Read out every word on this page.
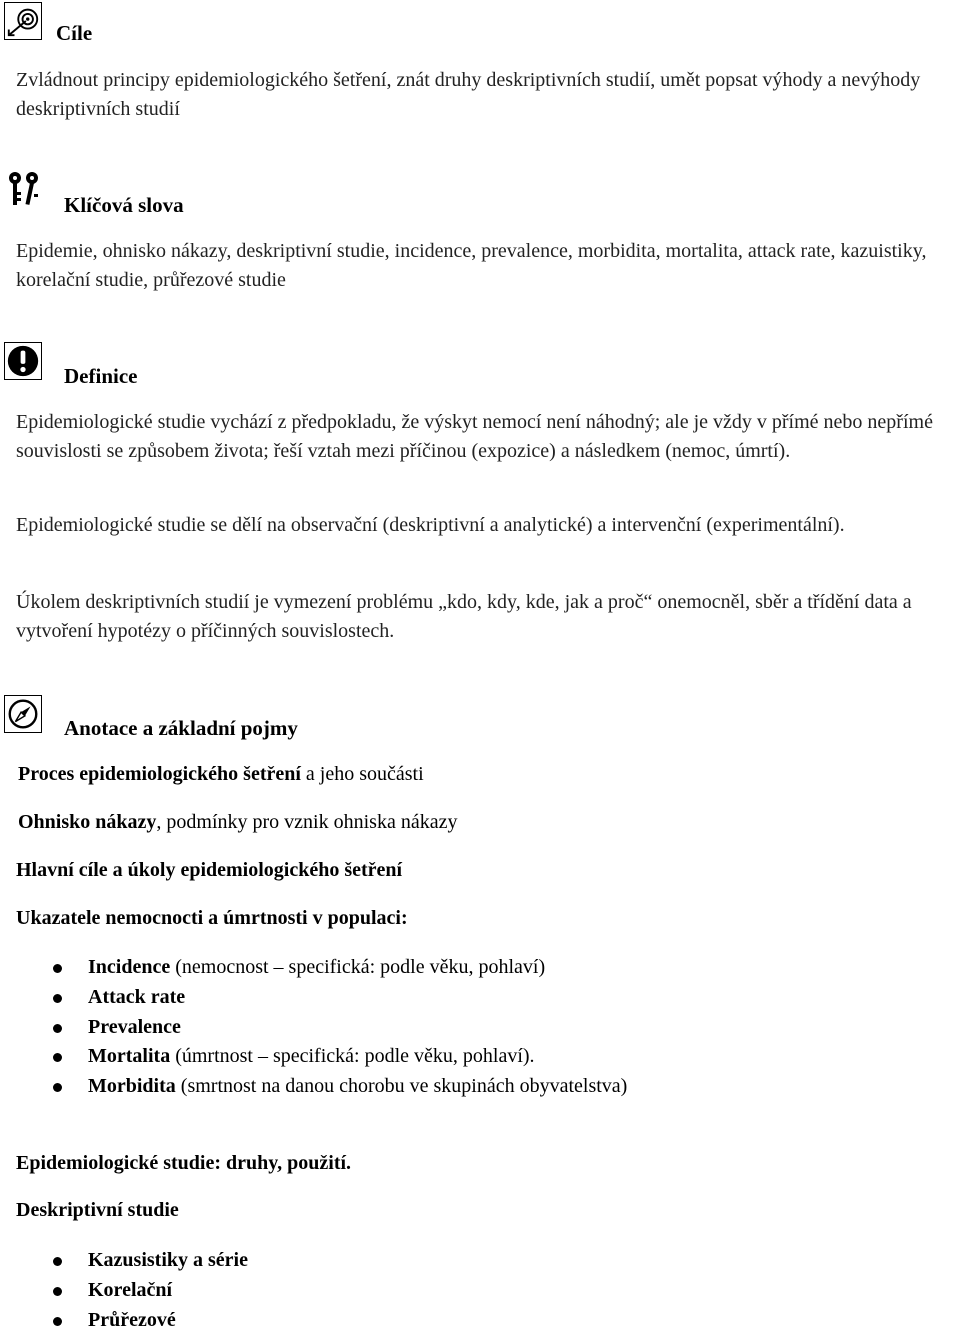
Cíle
Zvládnout principy epidemiologického šetření, znát druhy deskriptivních studií, umět popsat výhody a nevýhody deskriptivních studií
Klíčová slova
Epidemie, ohnisko nákazy, deskriptivní studie, incidence, prevalence, morbidita, mortalita, attack rate, kazuistiky, korelační studie, průřezové studie
Definice
Epidemiologické studie vychází z předpokladu, že výskyt nemocí není náhodný; ale je vždy v přímé nebo nepřímé souvislosti se způsobem života; řeší vztah mezi příčinou (expozice) a následkem (nemoc, úmrtí).
Epidemiologické studie se dělí na observační (deskriptivní a analytické) a intervenční (experimentální).
Úkolem deskriptivních studií je vymezení problému „kdo, kdy, kde, jak a proč“ onemocněl, sběr a třídění data a vytvoření hypotézy o příčinných souvislostech.
Anotace a základní pojmy
Proces epidemiologického šetření a jeho součásti
Ohnisko nákazy, podmínky pro vznik ohniska nákazy
Hlavní cíle a úkoly epidemiologického šetření
Ukazatele nemocnocti a úmrtnosti v populaci:
Incidence (nemocnost – specifická: podle věku, pohlaví)
Attack rate
Prevalence
Mortalita (úmrtnost – specifická: podle věku, pohlaví).
Morbidita (smrtnost na danou chorobu ve skupinách obyvatelstva)
Epidemiologické studie: druhy, použití.
Deskriptivní studie
Kazusistiky a série
Korelační
Průřezové
